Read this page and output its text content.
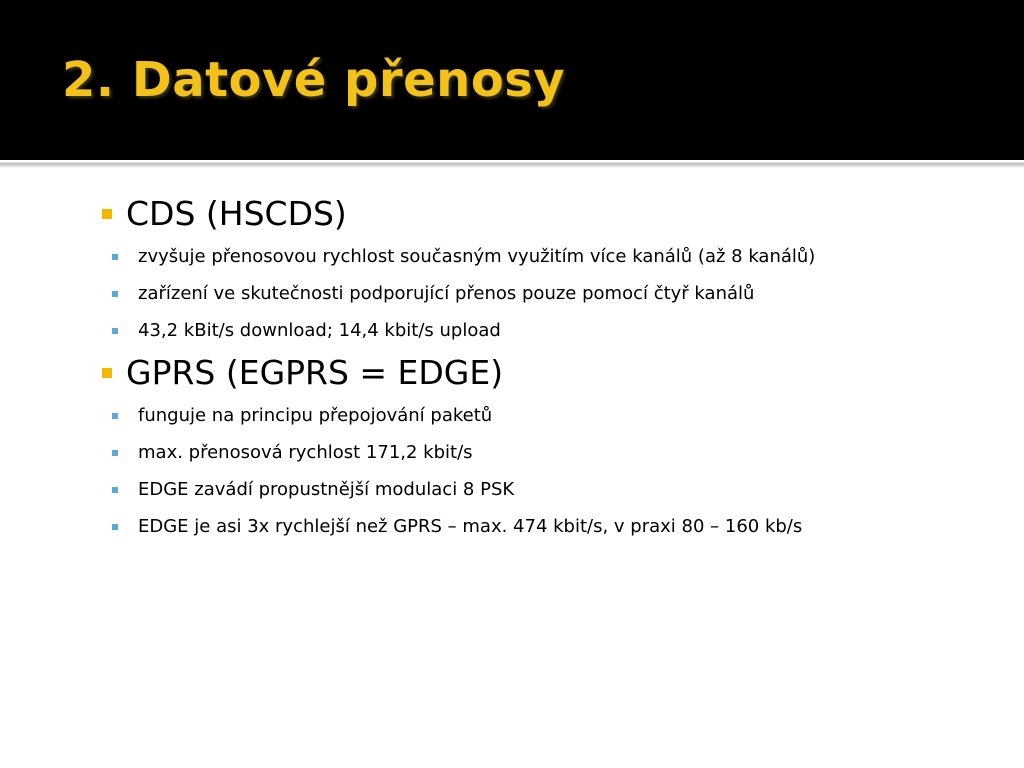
2. Datové přenosy
CDS (HSCDS)
zvyšuje přenosovou rychlost současným využitím více kanálů (až 8 kanálů)
zařízení ve skutečnosti podporující přenos pouze pomocí čtyř kanálů
43,2 kBit/s download; 14,4 kbit/s upload
GPRS (EGPRS = EDGE)
funguje na principu přepojování paketů
max. přenosová rychlost 171,2 kbit/s
EDGE zavádí propustnější modulaci 8 PSK
EDGE je asi 3x rychlejší než GPRS – max. 474 kbit/s, v praxi 80 – 160 kb/s
